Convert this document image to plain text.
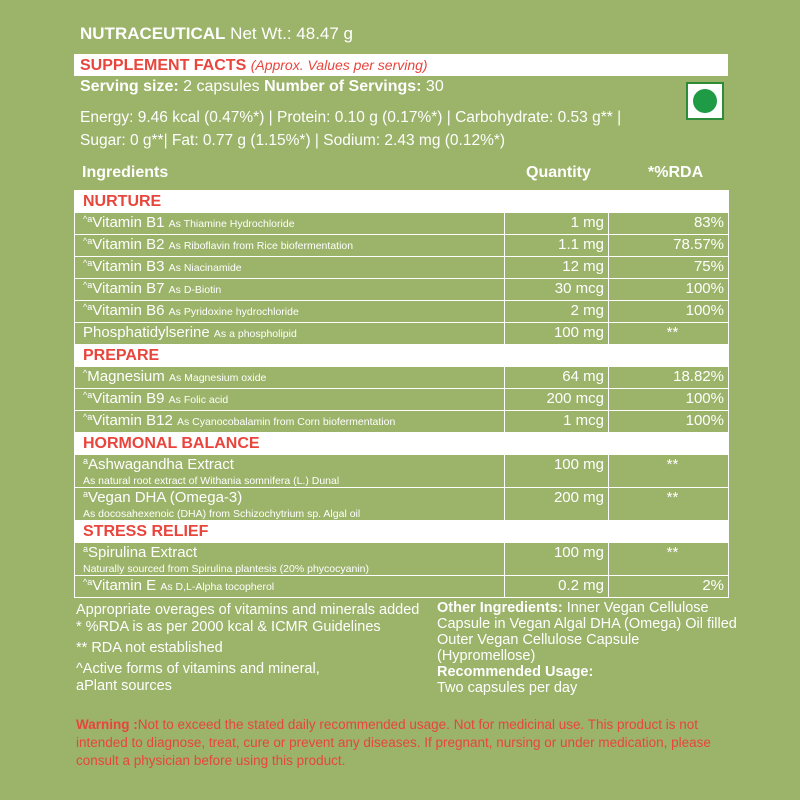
NUTRACEUTICAL Net Wt.: 48.47 g
SUPPLEMENT FACTS (Approx. Values per serving)
Serving size: 2 capsules Number of Servings: 30
Energy: 9.46 kcal (0.47%*) | Protein: 0.10 g (0.17%*) | Carbohydrate: 0.53 g** |
Sugar: 0 g**| Fat: 0.77 g (1.15%*) | Sodium: 2.43 mg (0.12%*)
Ingredients	Quantity	*%RDA
NURTURE		
$^{\^{}a}$Vitamin B1 As Thiamine Hydrochloride	1 mg	83%
$^{\^{}a}$Vitamin B2 As Riboflavin from Rice biofermentation	1.1 mg	78.57%
$^{\^{}a}$Vitamin B3 As Niacinamide	12 mg	75%
$^{\^{}a}$Vitamin B7 As D-Biotin	30 mcg	100%
$^{\^{}a}$Vitamin B6 As Pyridoxine hydrochloride	2 mg	100%
Phosphatidylserine As a phospholipid	100 mg	**
PREPARE		
^Magnesium As Magnesium oxide	64 mg	18.82%
$^{\^{}a}$Vitamin B9 As Folic acid	200 mcg	100%
$^{\^{}a}$Vitamin B12 As Cyanocobalamin from Corn biofermentation	1 mcg	100%
HORMONAL BALANCE		
$^a$Ashwagandha Extract
As natural root extract of Withania somnifera (L.) Dunal	100 mg	**
$^a$Vegan DHA (Omega-3)
As docosahexenoic (DHA) from Schizochytrium sp. Algal oil	200 mg	**
STRESS RELIEF		
$^a$Spirulina Extract
Naturally sourced from Spirulina plantesis (20% phycocyanin)	100 mg	**
$^{\^{}a}$Vitamin E As D,L-Alpha tocopherol	0.2 mg	2%
Appropriate overages of vitamins and minerals added
* %RDA is as per 2000 kcal & ICMR Guidelines
** RDA not established
^Active forms of vitamins and mineral,
aPlant sources
Other Ingredients: Inner Vegan Cellulose Capsule in Vegan Algal DHA (Omega) Oil filled Outer Vegan Cellulose Capsule (Hypromellose)
Recommended Usage:
Two capsules per day
Warning :Not to exceed the stated daily recommended usage. Not for medicinal use. This product is not intended to diagnose, treat, cure or prevent any diseases. If pregnant, nursing or under medication, please consult a physician before using this product.
